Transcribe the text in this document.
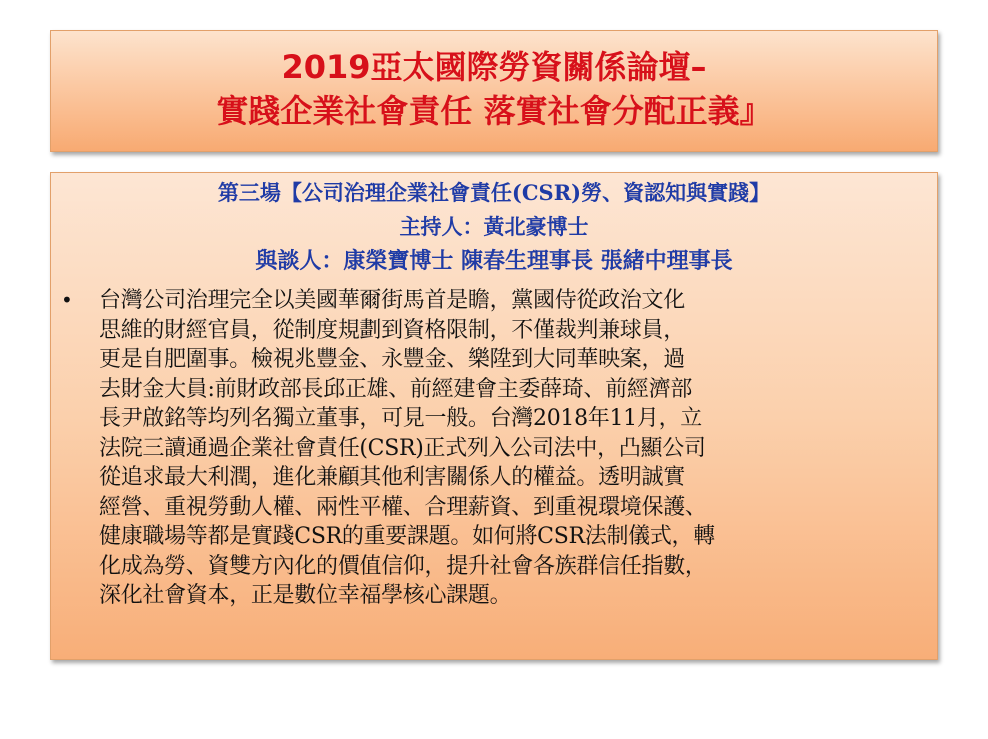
2019亞太國際勞資關係論壇–
實踐企業社會責任 落實社會分配正義』
第三場【公司治理企業社會責任(CSR)勞、資認知與實踐】
主持人：黃北豪博士
與談人：康榮寶博士 陳春生理事長 張緒中理事長
• 台灣公司治理完全以美國華爾街馬首是瞻，黨國侍從政治文化
思維的財經官員，從制度規劃到資格限制，不僅裁判兼球員，
更是自肥圍事。檢視兆豐金、永豐金、樂陞到大同華映案，過
去財金大員:前財政部長邱正雄、前經建會主委薛琦、前經濟部
長尹啟銘等均列名獨立董事，可見一般。台灣2018年11月，立
法院三讀通過企業社會責任(CSR)正式列入公司法中，凸顯公司
從追求最大利潤，進化兼顧其他利害關係人的權益。透明誠實
經營、重視勞動人權、兩性平權、合理薪資、到重視環境保護、
健康職場等都是實踐CSR的重要課題。如何將CSR法制儀式，轉
化成為勞、資雙方內化的價值信仰，提升社會各族群信任指數，
深化社會資本，正是數位幸福學核心課題。
